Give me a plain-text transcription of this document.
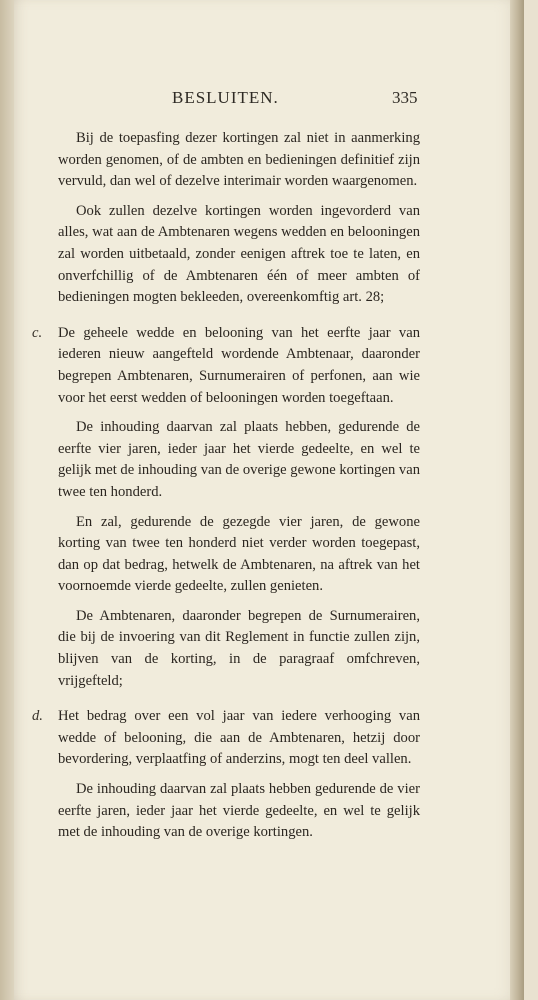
BESLUITEN.	335

Bij de toepasfing dezer kortingen zal niet in aanmerking worden genomen, of de ambten en bedieningen definitief zijn vervuld, dan wel of dezelve interimair worden waargenomen.

Ook zullen dezelve kortingen worden ingevorderd van alles, wat aan de Ambtenaren wegens wedden en belooningen zal worden uitbetaald, zonder eenigen aftrek toe te laten, en onverfchillig of de Ambtenaren één of meer ambten of bedieningen mogten bekleeden, overeenkomftig art. 28;

c. De geheele wedde en belooning van het eerfte jaar van iederen nieuw aangefteld wordende Ambtenaar, daaronder begrepen Ambtenaren, Surnumerairen of perfonen, aan wie voor het eerst wedden of belooningen worden toegeftaan.

De inhouding daarvan zal plaats hebben, gedurende de eerfte vier jaren, ieder jaar het vierde gedeelte, en wel te gelijk met de inhouding van de overige gewone kortingen van twee ten honderd.

En zal, gedurende de gezegde vier jaren, de gewone korting van twee ten honderd niet verder worden toegepast, dan op dat bedrag, hetwelk de Ambtenaren, na aftrek van het voornoemde vierde gedeelte, zullen genieten.

De Ambtenaren, daaronder begrepen de Surnumerairen, die bij de invoering van dit Reglement in functie zullen zijn, blijven van de korting, in de paragraaf omfchreven, vrijgefteld;

d. Het bedrag over een vol jaar van iedere verhooging van wedde of belooning, die aan de Ambtenaren, hetzij door bevordering, verplaatfing of anderzins, mogt ten deel vallen.

De inhouding daarvan zal plaats hebben gedurende de vier eerfte jaren, ieder jaar het vierde gedeelte, en wel te gelijk met de inhouding van de overige kortingen.
